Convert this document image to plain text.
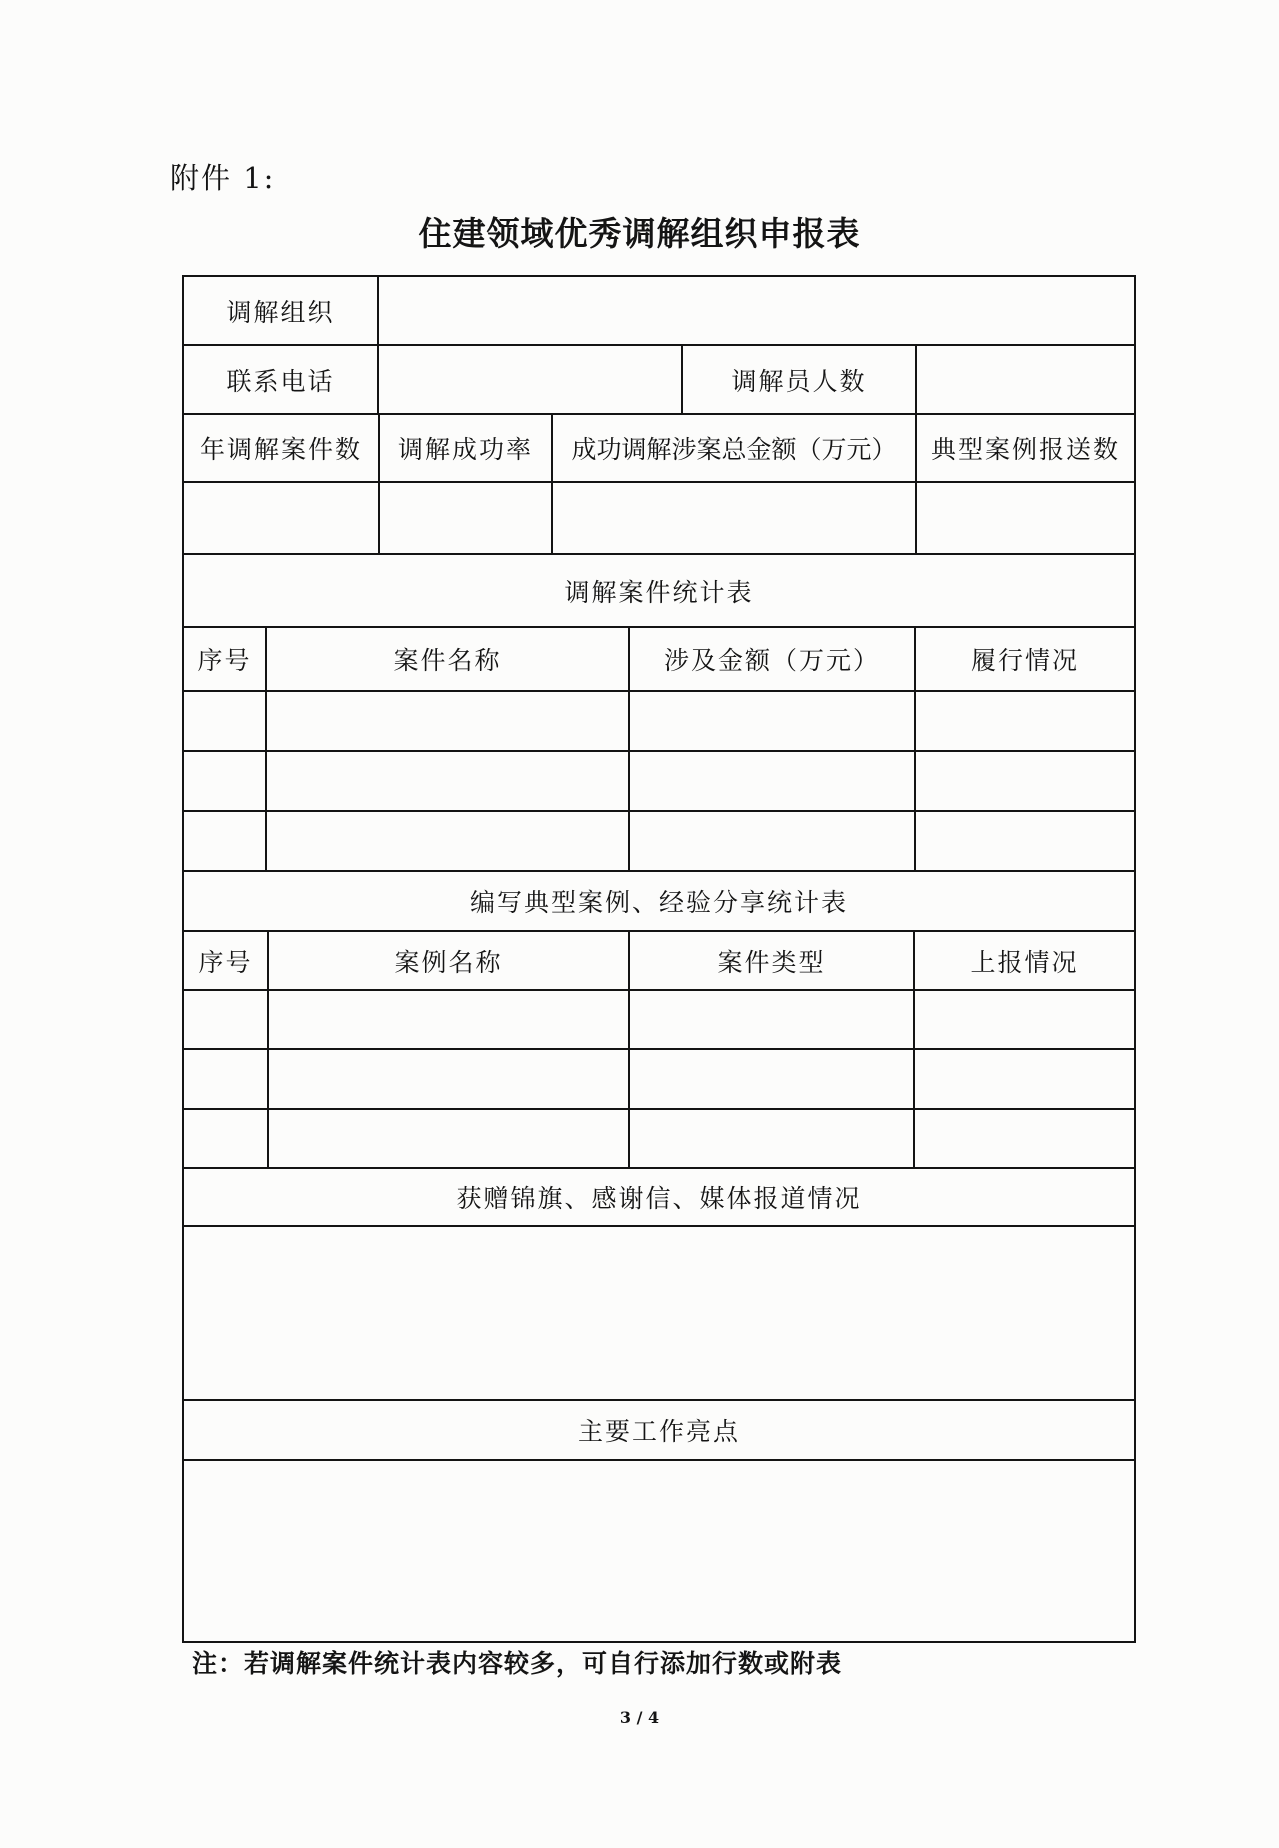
附件 1:
住建领域优秀调解组织申报表
调解组织
联系电话	调解员人数
年调解案件数	调解成功率	成功调解涉案总金额（万元）	典型案例报送数
调解案件统计表
序号	案件名称	涉及金额（万元）	履行情况
编写典型案例、经验分享统计表
序号	案例名称	案件类型	上报情况
获赠锦旗、感谢信、媒体报道情况
主要工作亮点
注：若调解案件统计表内容较多，可自行添加行数或附表
3 / 4
